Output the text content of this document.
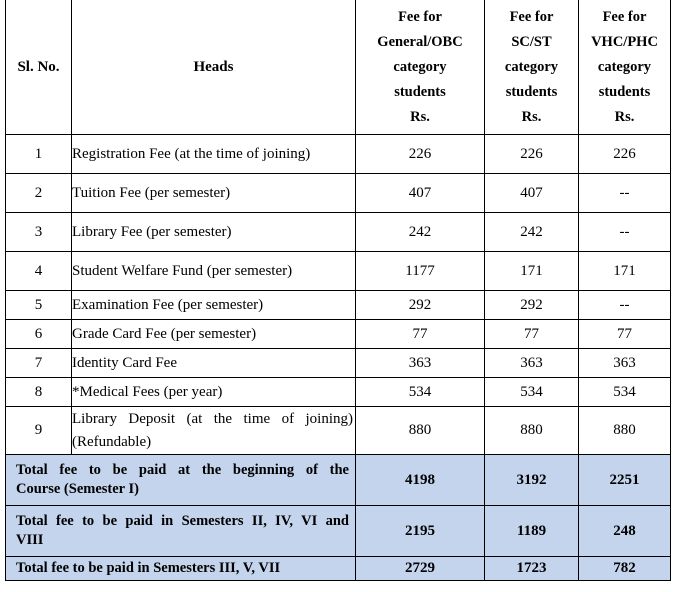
Sl. No.	Heads	Fee for
General/OBC
category
students
Rs.	Fee for
SC/ST
category
students
Rs.	Fee for
VHC/PHC
category
students
Rs.

1	Registration Fee (at the time of joining)	226	226	226
2	Tuition Fee (per semester)	407	407	--
3	Library Fee (per semester)	242	242	--
4	Student Welfare Fund (per semester)	1177	171	171
5	Examination Fee (per semester)	292	292	--
6	Grade Card Fee (per semester)	77	77	77
7	Identity Card Fee	363	363	363
8	*Medical Fees (per year)	534	534	534
9	Library Deposit (at the time of joining)
(Refundable)	880	880	880

Total fee to be paid at the beginning of the
Course (Semester I)		4198	3192	2251

Total fee to be paid in Semesters II, IV, VI and
VIII		2195	1189	248
Total fee to be paid in Semesters III, V, VII		2729	1723	782
